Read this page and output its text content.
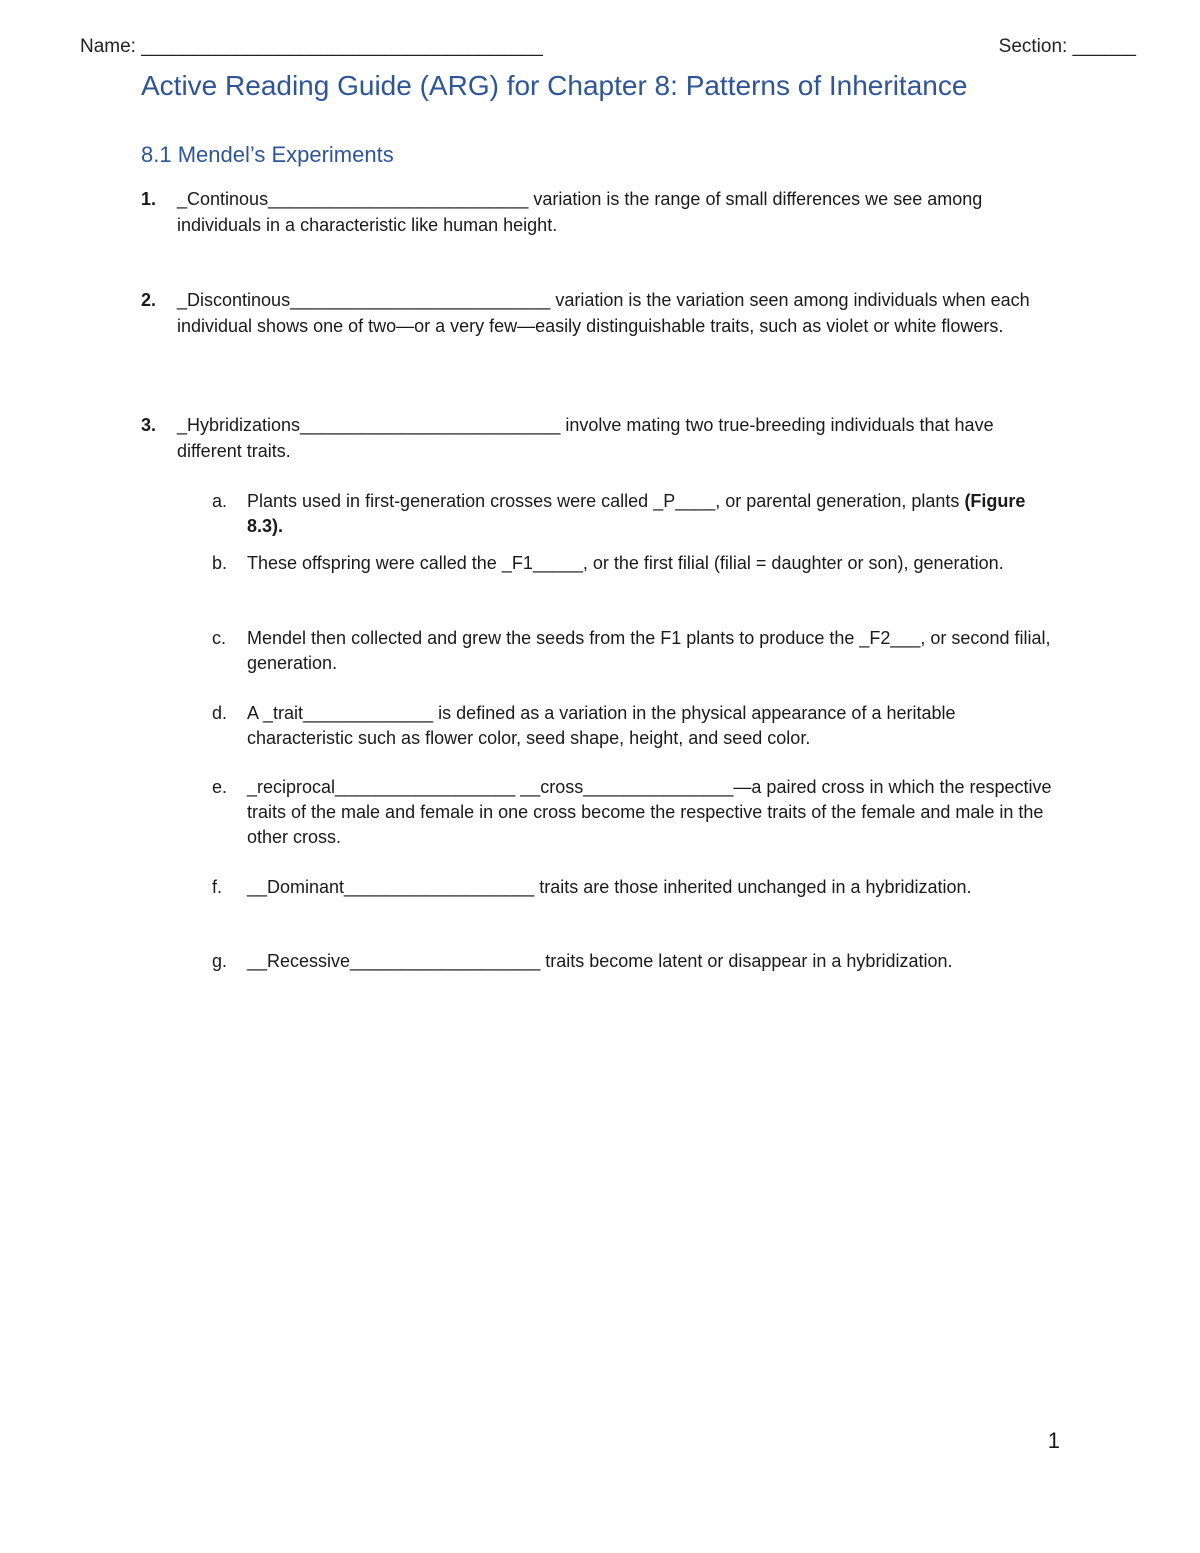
Name: ______________________________________	Section: ______
Active Reading Guide (ARG) for Chapter 8: Patterns of Inheritance
8.1 Mendel’s Experiments
1.	_Continous__________________________ variation is the range of small differences we see among individuals in a characteristic like human height.
2.	_Discontinous__________________________ variation is the variation seen among individuals when each individual shows one of two—or a very few—easily distinguishable traits, such as violet or white flowers.
3.	_Hybridizations__________________________ involve mating two true-breeding individuals that have different traits.
a.	Plants used in first-generation crosses were called _P____, or parental generation, plants (Figure 8.3).
b.	These offspring were called the _F1_____, or the first filial (filial = daughter or son), generation.
c.	Mendel then collected and grew the seeds from the F1 plants to produce the _F2___, or second filial, generation.
d.	A _trait_____________ is defined as a variation in the physical appearance of a heritable characteristic such as flower color, seed shape, height, and seed color.
e.	_reciprocal__________________ __cross_______________—a paired cross in which the respective traits of the male and female in one cross become the respective traits of the female and male in the other cross.
f.	__Dominant___________________ traits are those inherited unchanged in a hybridization.
g.	__Recessive___________________ traits become latent or disappear in a hybridization.
1
